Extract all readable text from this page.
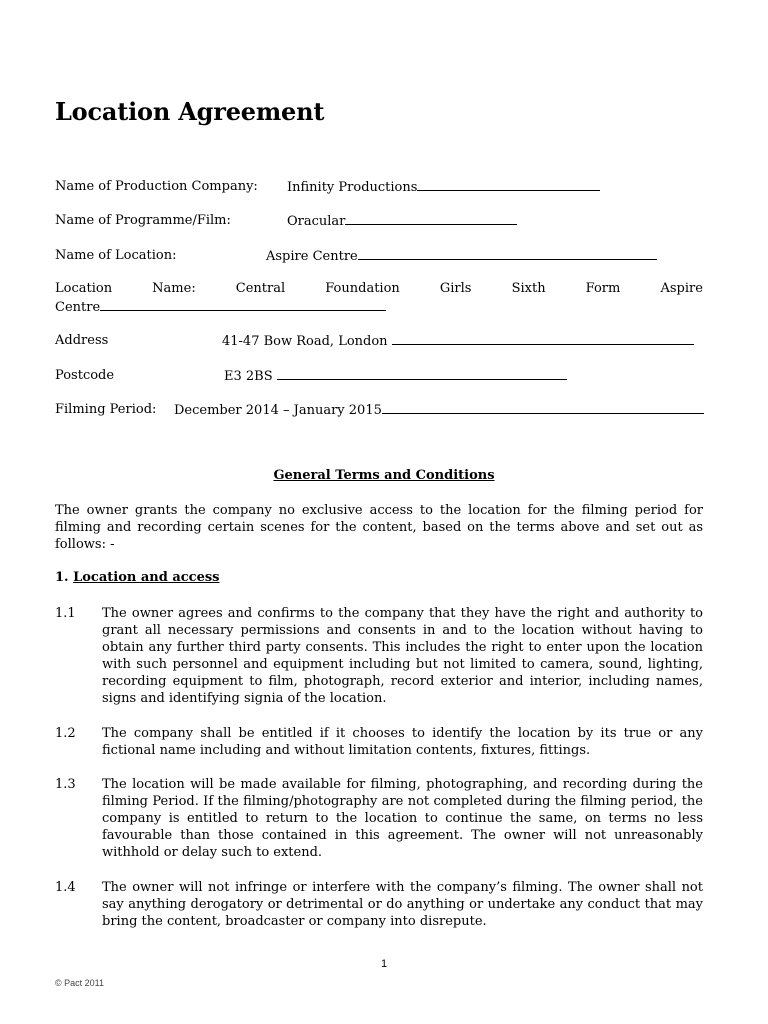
Location Agreement
Name of Production Company: Infinity Productions
Name of Programme/Film:	Oracular
Name of Location:	Aspire Centre
Location	Name:	Central	Foundation	Girls	Sixth	Form	Aspire
Centre
Address	41-47 Bow Road, London
Postcode	E3 2BS
Filming Period: December 2014 – January 2015
General Terms and Conditions

The owner grants the company no exclusive access to the location for the filming period for filming and recording certain scenes for the content, based on the terms above and set out as follows: -

1. Location and access
1.1 The owner agrees and confirms to the company that they have the right and authority to grant all necessary permissions and consents in and to the location without having to obtain any further third party consents. This includes the right to enter upon the location with such personnel and equipment including but not limited to camera, sound, lighting, recording equipment to film, photograph, record exterior and interior, including names, signs and identifying signia of the location.

1.2 The company shall be entitled if it chooses to identify the location by its true or any fictional name including and without limitation contents, fixtures, fittings.

1.3 The location will be made available for filming, photographing, and recording during the filming Period. If the filming/photography are not completed during the filming period, the company is entitled to return to the location to continue the same, on terms no less favourable than those contained in this agreement. The owner will not unreasonably withhold or delay such to extend.

1.4 The owner will not infringe or interfere with the company’s filming. The owner shall not say anything derogatory or detrimental or do anything or undertake any conduct that may bring the content, broadcaster or company into disrepute.

1
© Pact 2011
